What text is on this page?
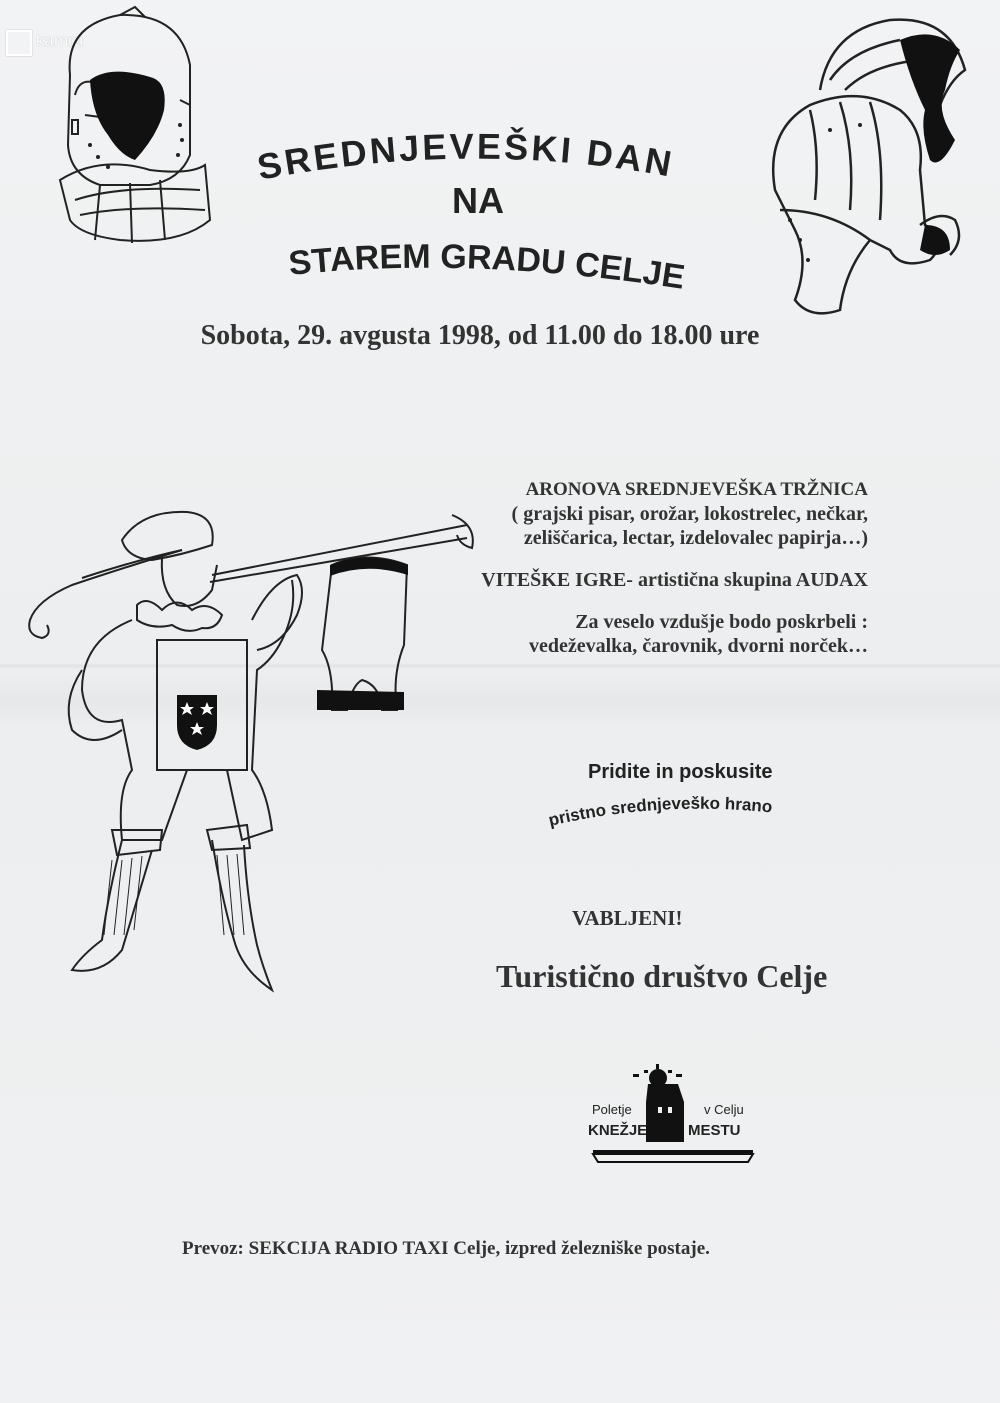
kamra
SREDNJEVEŠKI DAN
NA
STAREM GRADU CELJE
Sobota, 29. avgusta 1998, od 11.00 do 18.00 ure

ARONOVA SREDNJEVEŠKA TRŽNICA

( grajski pisar, orožar, lokostrelec, nečkar,

zeliščarica, lectar, izdelovalec papirja…)

VITEŠKE IGRE- artistična skupina AUDAX

Za veselo vzdušje bodo poskrbeli :

vedeževalka, čarovnik, dvorni norček…

Pridite in poskusite
pristno srednjeveško hrano
VABLJENI!
Turistično društvo Celje
Poletje	v Celju
KNEŽJE	MESTU
Prevoz: SEKCIJA RADIO TAXI Celje, izpred železniške postaje.
